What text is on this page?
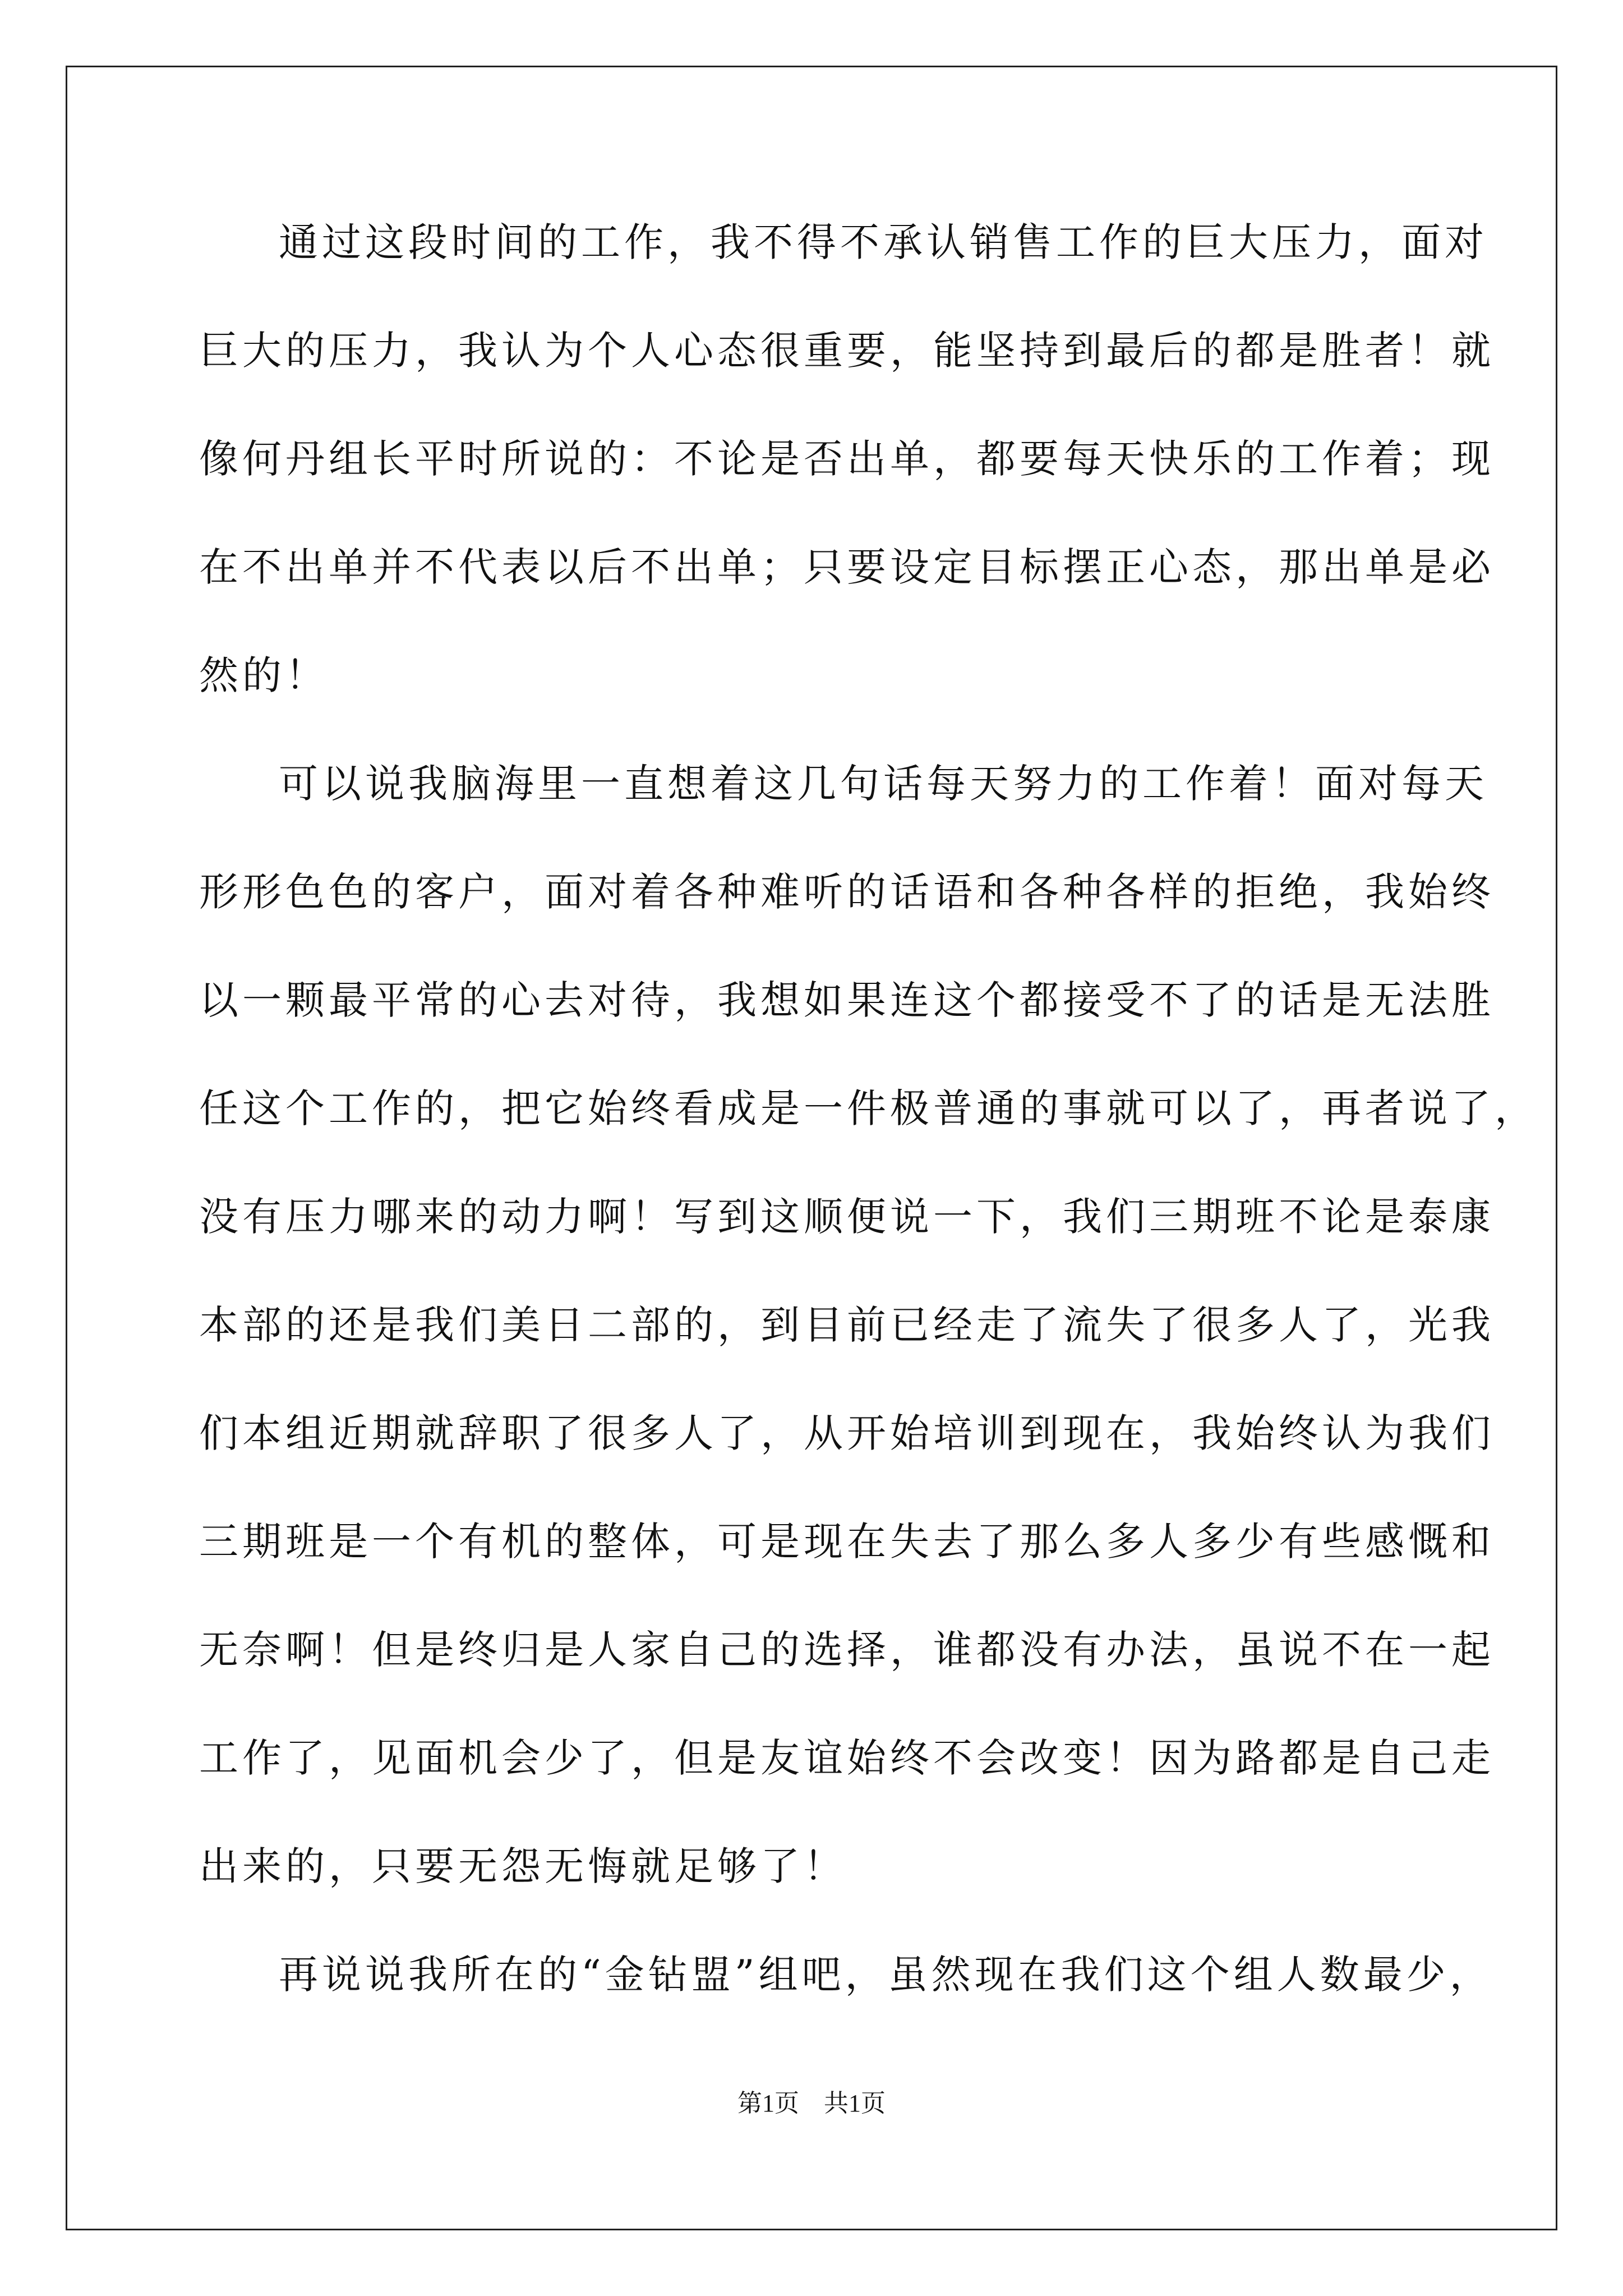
通过这段时间的工作，我不得不承认销售工作的巨大压力，面对
巨大的压力，我认为个人心态很重要，能坚持到最后的都是胜者！就
像何丹组长平时所说的：不论是否出单，都要每天快乐的工作着；现
在不出单并不代表以后不出单；只要设定目标摆正心态，那出单是必
然的！
可以说我脑海里一直想着这几句话每天努力的工作着！面对每天
形形色色的客户，面对着各种难听的话语和各种各样的拒绝，我始终
以一颗最平常的心去对待，我想如果连这个都接受不了的话是无法胜
任这个工作的，把它始终看成是一件极普通的事就可以了，再者说了，
没有压力哪来的动力啊！写到这顺便说一下，我们三期班不论是泰康
本部的还是我们美日二部的，到目前已经走了流失了很多人了，光我
们本组近期就辞职了很多人了，从开始培训到现在，我始终认为我们
三期班是一个有机的整体，可是现在失去了那么多人多少有些感慨和
无奈啊！但是终归是人家自己的选择，谁都没有办法，虽说不在一起
工作了，见面机会少了，但是友谊始终不会改变！因为路都是自己走
出来的，只要无怨无悔就足够了！
再说说我所在的“金钻盟”组吧，虽然现在我们这个组人数最少，
第1页 共1页
